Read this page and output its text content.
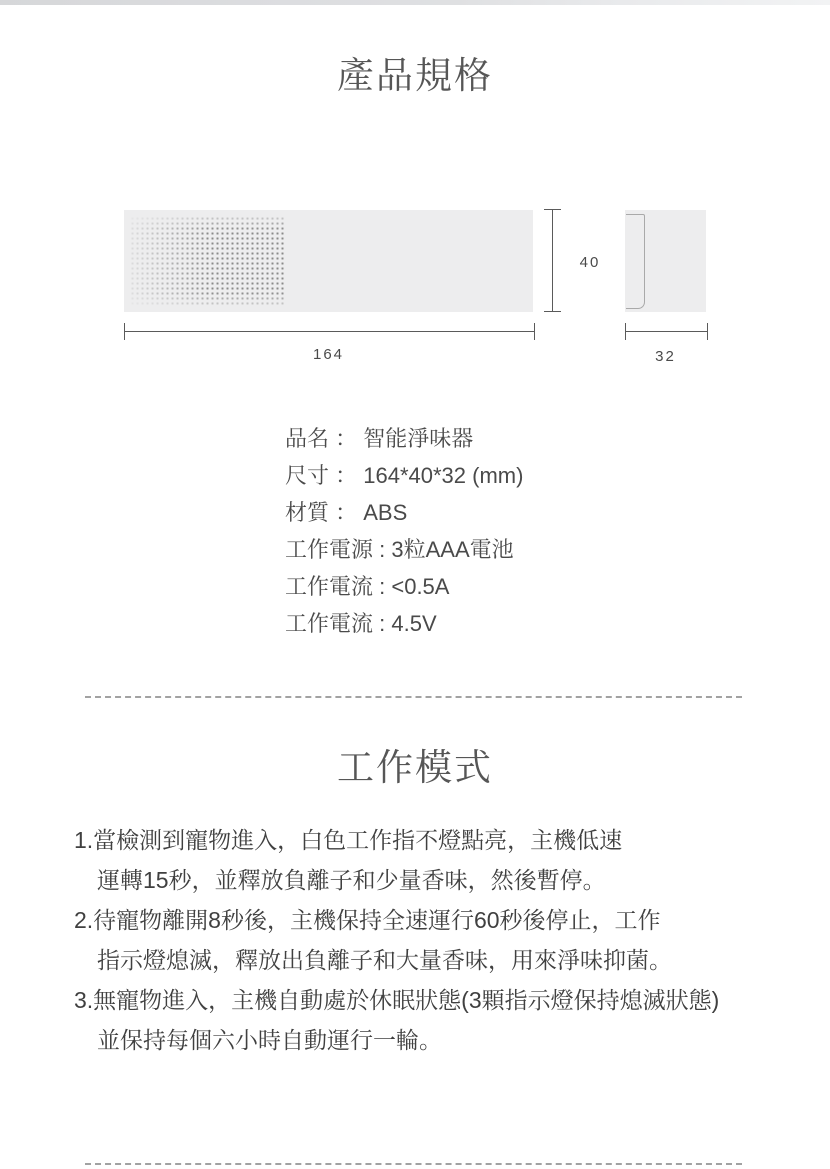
產品規格
40
164	32
品名 ： 智能淨味器
尺寸 ： 164*40*32 (mm)
材質 ： ABS
工作電源 : 3粒AAA電池
工作電流 : <0.5A
工作電流 : 4.5V
工作模式
1.當檢測到寵物進入，白色工作指不燈點亮，主機低速
運轉15秒，並釋放負離子和少量香味，然後暫停。
2.待寵物離開8秒後，主機保持全速運行60秒後停止，工作
指示燈熄滅，釋放出負離子和大量香味，用來淨味抑菌。
3.無寵物進入，主機自動處於休眠狀態(3顆指示燈保持熄滅狀態)
並保持每個六小時自動運行一輪。
